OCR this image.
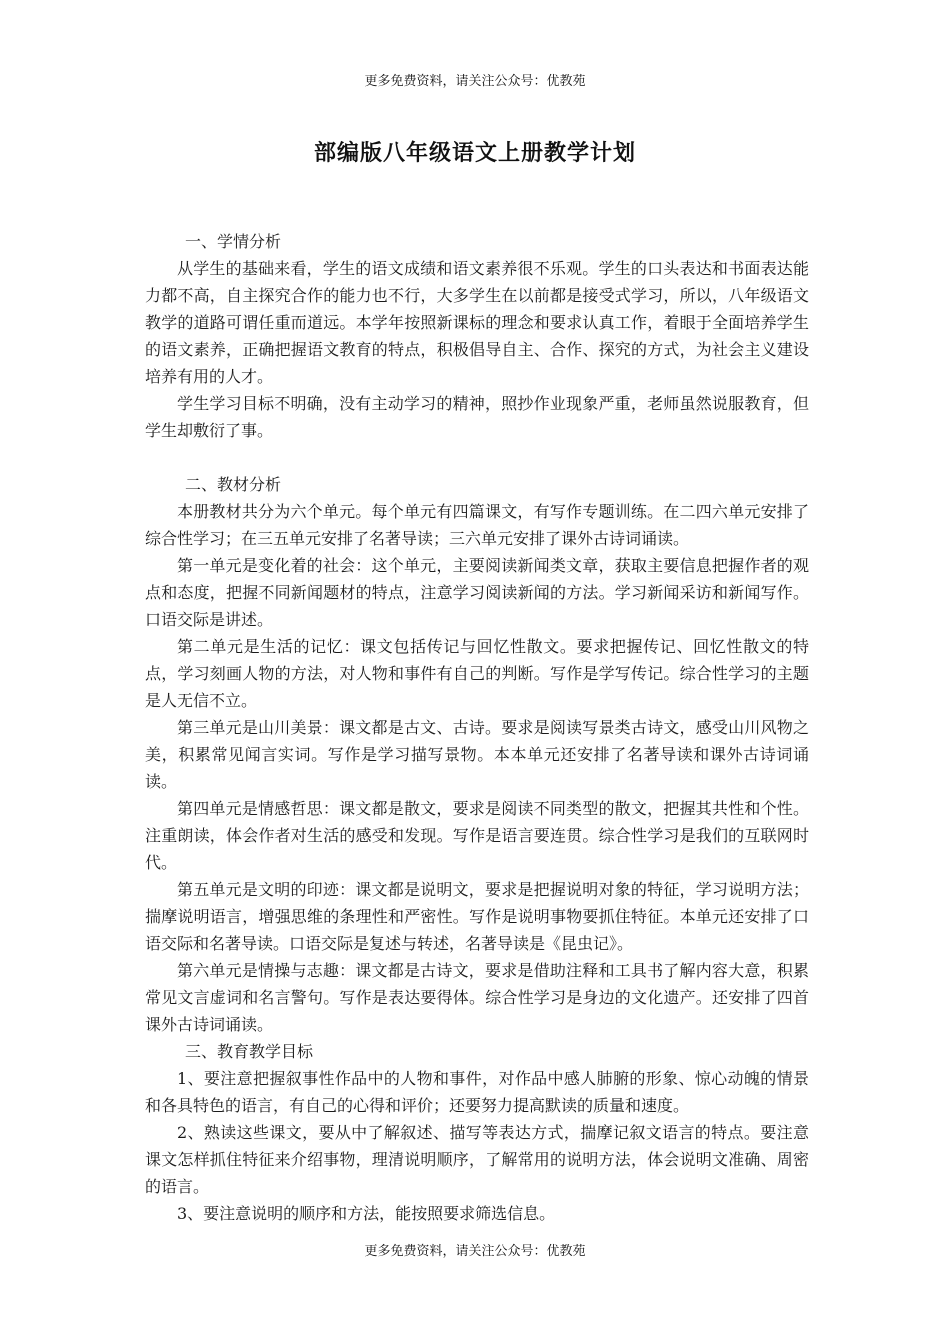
更多免费资料，请关注公众号：优教苑
部编版八年级语文上册教学计划
一、学情分析

从学生的基础来看，学生的语文成绩和语文素养很不乐观。学生的口头表达和书面表达能力都不高，自主探究合作的能力也不行，大多学生在以前都是接受式学习，所以，八年级语文教学的道路可谓任重而道远。本学年按照新课标的理念和要求认真工作，着眼于全面培养学生的语文素养，正确把握语文教育的特点，积极倡导自主、合作、探究的方式，为社会主义建设培养有用的人才。

学生学习目标不明确，没有主动学习的精神，照抄作业现象严重，老师虽然说服教育，但学生却敷衍了事。

二、教材分析

本册教材共分为六个单元。每个单元有四篇课文，有写作专题训练。在二四六单元安排了综合性学习；在三五单元安排了名著导读；三六单元安排了课外古诗词诵读。

第一单元是变化着的社会：这个单元，主要阅读新闻类文章，获取主要信息把握作者的观点和态度，把握不同新闻题材的特点，注意学习阅读新闻的方法。学习新闻采访和新闻写作。口语交际是讲述。

第二单元是生活的记忆：课文包括传记与回忆性散文。要求把握传记、回忆性散文的特点，学习刻画人物的方法，对人物和事件有自己的判断。写作是学写传记。综合性学习的主题是人无信不立。

第三单元是山川美景：课文都是古文、古诗。要求是阅读写景类古诗文，感受山川风物之美，积累常见闻言实词。写作是学习描写景物。本本单元还安排了名著导读和课外古诗词诵读。

第四单元是情感哲思：课文都是散文，要求是阅读不同类型的散文，把握其共性和个性。注重朗读，体会作者对生活的感受和发现。写作是语言要连贯。综合性学习是我们的互联网时代。

第五单元是文明的印迹：课文都是说明文，要求是把握说明对象的特征，学习说明方法；揣摩说明语言，增强思维的条理性和严密性。写作是说明事物要抓住特征。本单元还安排了口语交际和名著导读。口语交际是复述与转述，名著导读是《昆虫记》。

第六单元是情操与志趣：课文都是古诗文，要求是借助注释和工具书了解内容大意，积累常见文言虚词和名言警句。写作是表达要得体。综合性学习是身边的文化遗产。还安排了四首课外古诗词诵读。

三、教育教学目标

1、要注意把握叙事性作品中的人物和事件，对作品中感人肺腑的形象、惊心动魄的情景和各具特色的语言，有自己的心得和评价；还要努力提高默读的质量和速度。

2、熟读这些课文，要从中了解叙述、描写等表达方式，揣摩记叙文语言的特点。要注意课文怎样抓住特征来介绍事物，理清说明顺序，了解常用的说明方法，体会说明文准确、周密的语言。

3、要注意说明的顺序和方法，能按照要求筛选信息。

更多免费资料，请关注公众号：优教苑
